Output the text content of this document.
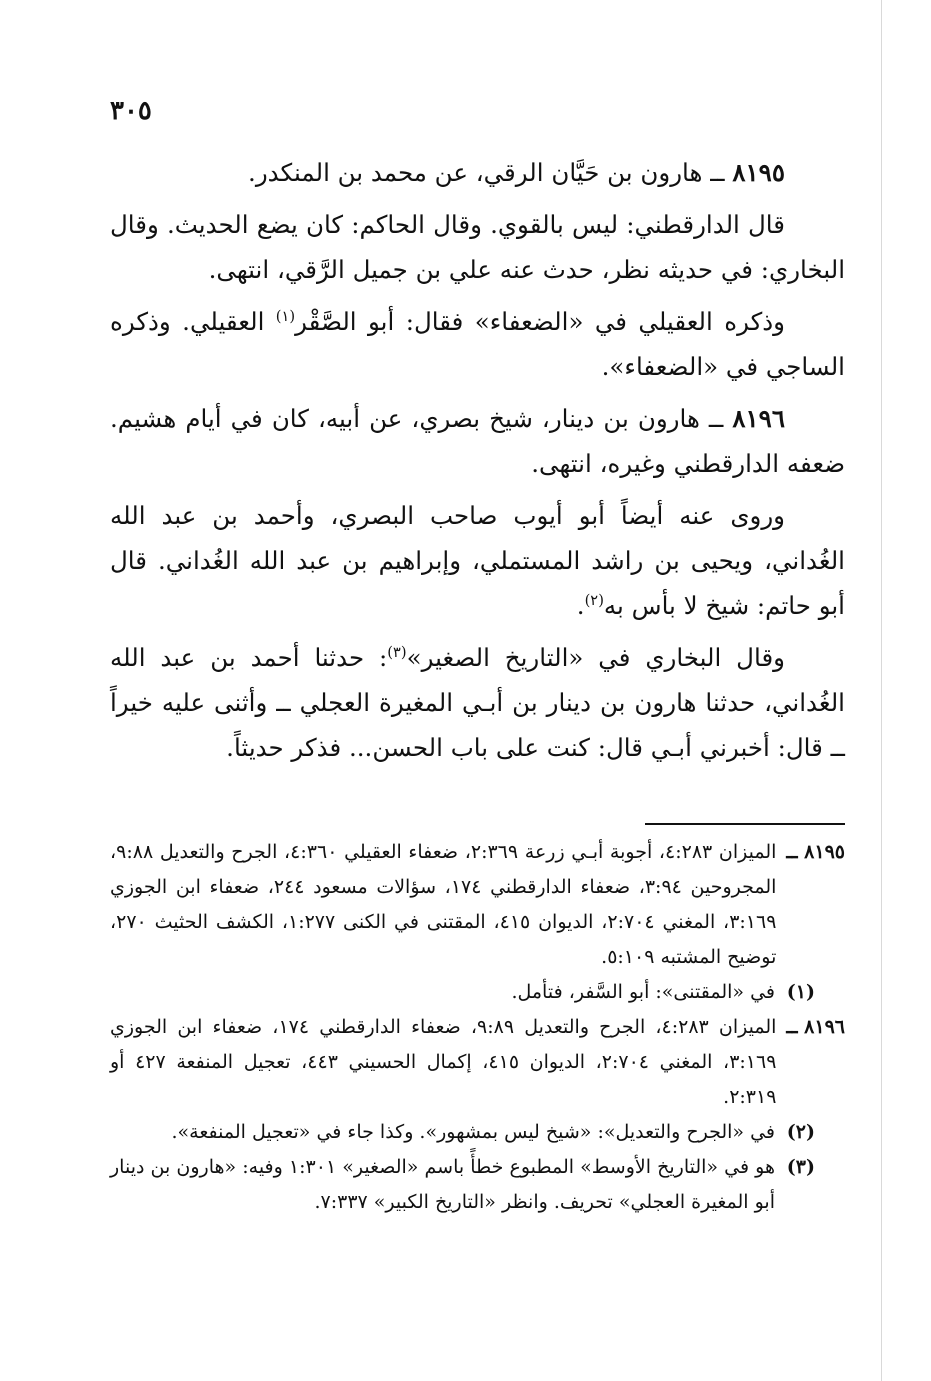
٣٠٥

٨١٩٥ ــ هارون بن حَيَّان الرقي، عن محمد بن المنكدر.

قال الدارقطني: ليس بالقوي. وقال الحاكم: كان يضع الحديث. وقال البخاري: في حديثه نظر، حدث عنه علي بن جميل الرَّقي، انتهى.

وذكره العقيلي في «الضعفاء» فقال: أبو الصَّقْر$^{(١)}$ العقيلي. وذكره الساجي في «الضعفاء».

٨١٩٦ ــ هارون بن دينار، شيخ بصري، عن أبيه، كان في أيام هشيم. ضعفه الدارقطني وغيره، انتهى.

وروى عنه أيضاً أبو أيوب صاحب البصري، وأحمد بن عبد الله الغُداني، ويحيى بن راشد المستملي، وإبراهيم بن عبد الله الغُداني. قال أبو حاتم: شيخ لا بأس به$^{(٢)}$.

وقال البخاري في «التاريخ الصغير»$^{(٣)}$: حدثنا أحمد بن عبد الله الغُداني، حدثنا هارون بن دينار بن أبـي المغيرة العجلي ــ وأثنى عليه خيراً ــ قال: أخبرني أبـي قال: كنت على باب الحسن... فذكر حديثاً.

٨١٩٥ ــ
الميزان ٤:٢٨٣، أجوبة أبـي زرعة ٢:٣٦٩، ضعفاء العقيلي ٤:٣٦٠، الجرح والتعديل ٩:٨٨، المجروحين ٣:٩٤، ضعفاء الدارقطني ١٧٤، سؤالات مسعود ٢٤٤، ضعفاء ابن الجوزي ٣:١٦٩، المغني ٢:٧٠٤، الديوان ٤١٥، المقتنى في الكنى ١:٢٧٧، الكشف الحثيث ٢٧٠، توضيح المشتبه ٥:١٠٩.
(١)
في «المقتنى»: أبو السَّفر، فتأمل.
٨١٩٦ ــ
الميزان ٤:٢٨٣، الجرح والتعديل ٩:٨٩، ضعفاء الدارقطني ١٧٤، ضعفاء ابن الجوزي ٣:١٦٩، المغني ٢:٧٠٤، الديوان ٤١٥، إكمال الحسيني ٤٤٣، تعجيل المنفعة ٤٢٧ أو ٢:٣١٩.
(٢)
في «الجرح والتعديل»: «شيخ ليس بمشهور». وكذا جاء في «تعجيل المنفعة».
(٣)
هو في «التاريخ الأوسط» المطبوع خطأً باسم «الصغير» ١:٣٠١ وفيه: «هارون بن دينار أبو المغيرة العجلي» تحريف. وانظر «التاريخ الكبير» ٧:٣٣٧.
